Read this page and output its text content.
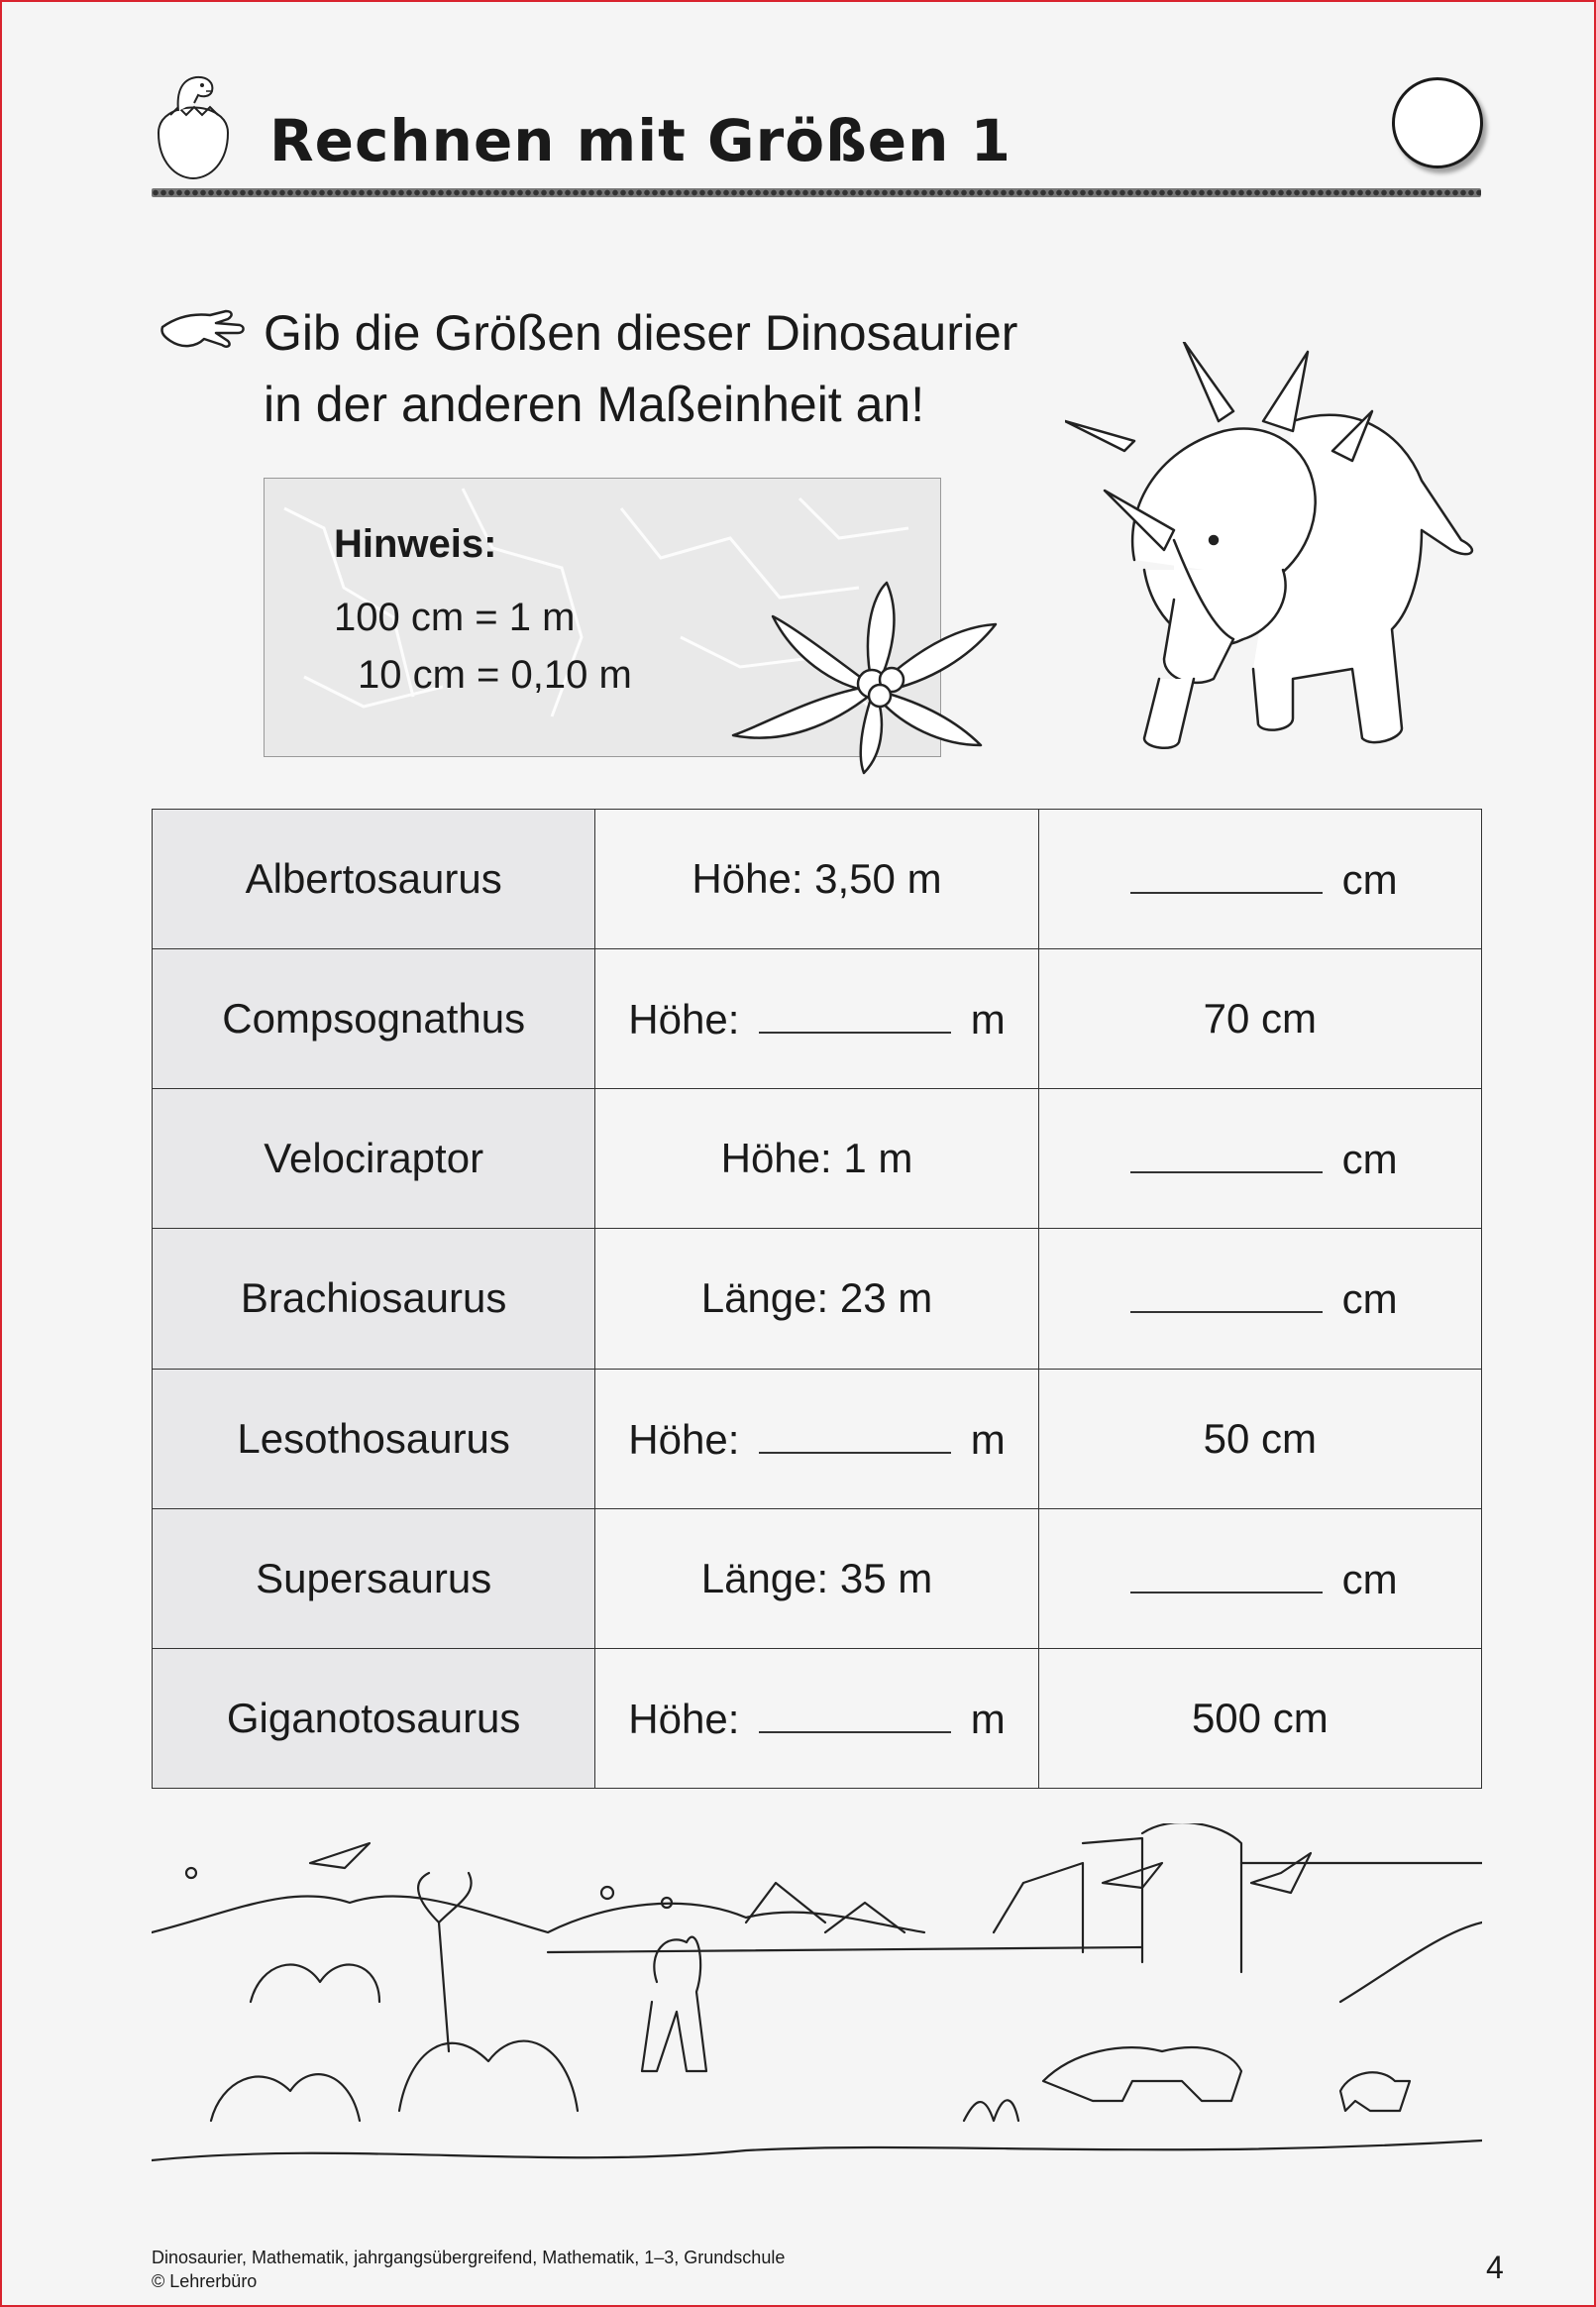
Rechnen mit Größen 1
Gib die Größen dieser Dinosaurier
in der anderen Maßeinheit an!
Hinweis:
100 cm = 1 m
10 cm = 0,10 m
Albertosaurus	Höhe: 3,50 m	cm
Compsognathus	Höhe: m	70 cm
Velociraptor	Höhe: 1 m	cm
Brachiosaurus	Länge: 23 m	cm
Lesothosaurus	Höhe: m	50 cm
Supersaurus	Länge: 35 m	cm
Giganotosaurus	Höhe: m	500 cm
Dinosaurier, Mathematik, jahrgangsübergreifend, Mathematik, 1–3, Grundschule
© Lehrerbüro	4
